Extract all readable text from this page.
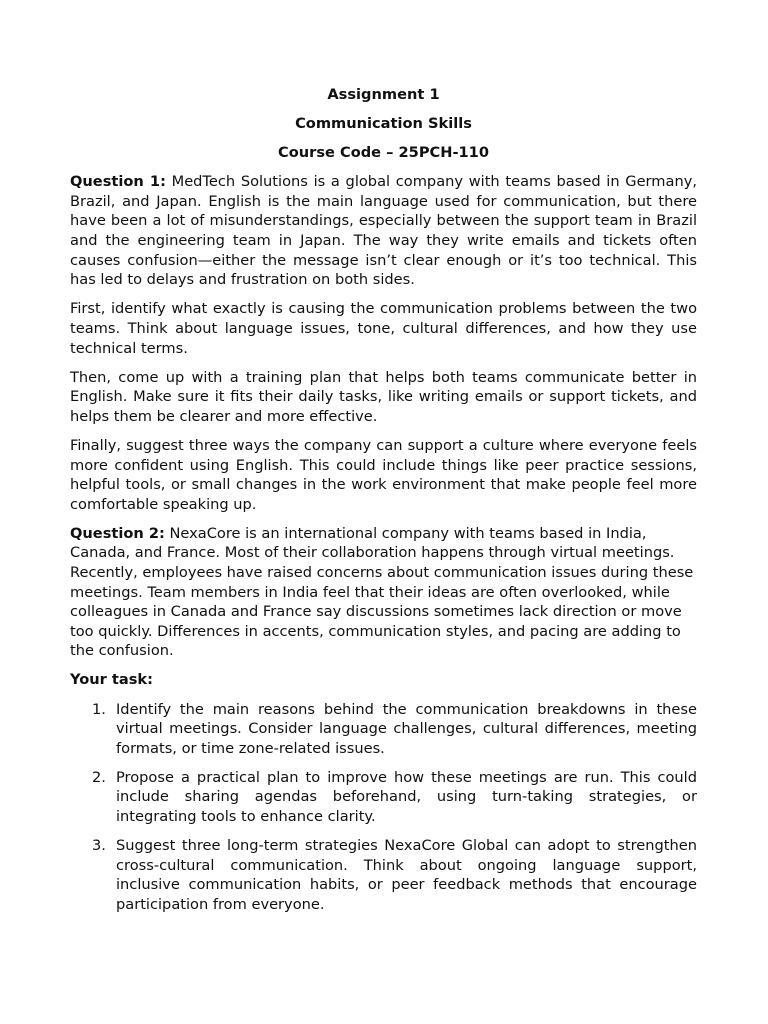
Assignment 1
Communication Skills
Course Code – 25PCH-110

Question 1: MedTech Solutions is a global company with teams based in Germany, Brazil, and Japan. English is the main language used for communication, but there have been a lot of misunderstandings, especially between the support team in Brazil and the engineering team in Japan. The way they write emails and tickets often causes confusion—either the message isn’t clear enough or it’s too technical. This has led to delays and frustration on both sides.

First, identify what exactly is causing the communication problems between the two teams. Think about language issues, tone, cultural differences, and how they use technical terms.

Then, come up with a training plan that helps both teams communicate better in English. Make sure it fits their daily tasks, like writing emails or support tickets, and helps them be clearer and more effective.

Finally, suggest three ways the company can support a culture where everyone feels more confident using English. This could include things like peer practice sessions, helpful tools, or small changes in the work environment that make people feel more comfortable speaking up.

Question 2: NexaCore is an international company with teams based in India, Canada, and France. Most of their collaboration happens through virtual meetings. Recently, employees have raised concerns about communication issues during these meetings. Team members in India feel that their ideas are often overlooked, while colleagues in Canada and France say discussions sometimes lack direction or move too quickly. Differences in accents, communication styles, and pacing are adding to the confusion.

Your task:

1. Identify the main reasons behind the communication breakdowns in these virtual meetings. Consider language challenges, cultural differences, meeting formats, or time zone-related issues.
2. Propose a practical plan to improve how these meetings are run. This could include sharing agendas beforehand, using turn-taking strategies, or integrating tools to enhance clarity.
3. Suggest three long-term strategies NexaCore Global can adopt to strengthen cross-cultural communication. Think about ongoing language support, inclusive communication habits, or peer feedback methods that encourage participation from everyone.
